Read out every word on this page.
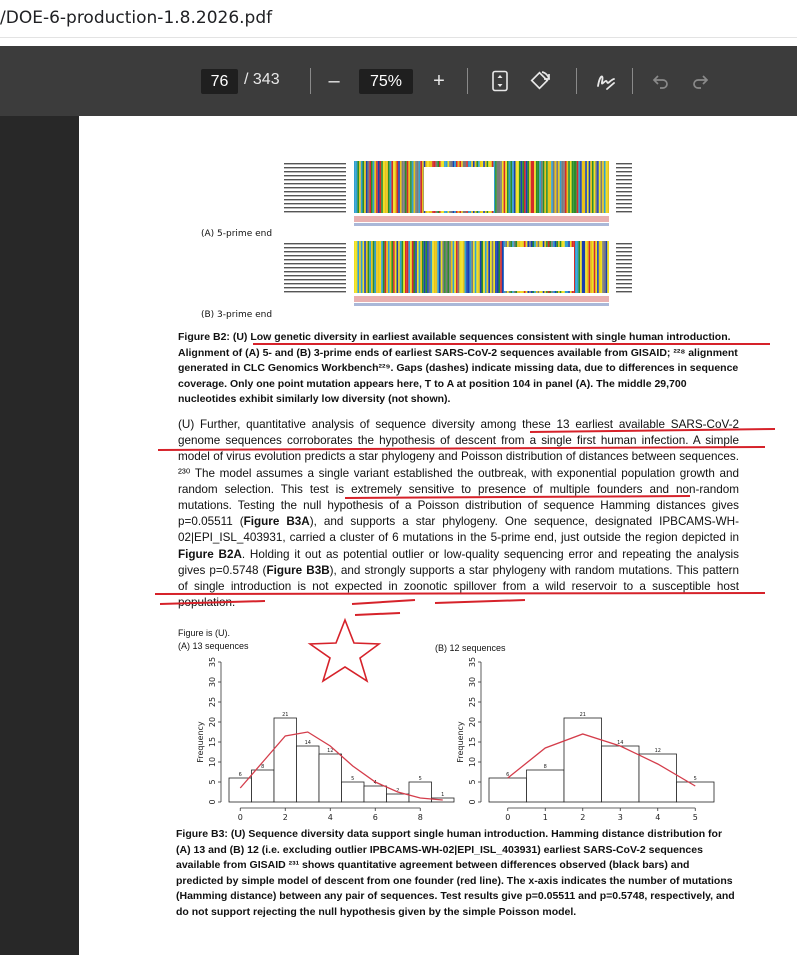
/DOE-6-production-1.8.2026.pdf
76 / 343	–	75%	+
(A) 5-prime end
(B) 3-prime end
Figure B2: (U) Low genetic diversity in earliest available sequences consistent with single human introduction. Alignment of (A) 5- and (B) 3-prime ends of earliest SARS-CoV-2 sequences available from GISAID; ²²⁸ alignment generated in CLC Genomics Workbench²²⁹. Gaps (dashes) indicate missing data, due to differences in sequence coverage. Only one point mutation appears here, T to A at position 104 in panel (A). The middle 29,700 nucleotides exhibit similarly low diversity (not shown).
(U) Further, quantitative analysis of sequence diversity among these 13 earliest available SARS-CoV-2 genome sequences corroborates the hypothesis of descent from a single first human infection. A simple model of virus evolution predicts a star phylogeny and Poisson distribution of distances between sequences. ²³⁰ The model assumes a single variant established the outbreak, with exponential population growth and random selection. This test is extremely sensitive to presence of multiple founders and non-random mutations. Testing the null hypothesis of a Poisson distribution of sequence Hamming distances gives p=0.05511 (Figure B3A), and supports a star phylogeny. One sequence, designated IPBCAMS-WH-02|EPI_ISL_403931, carried a cluster of 6 mutations in the 5-prime end, just outside the region depicted in Figure B2A. Holding it out as potential outlier or low-quality sequencing error and repeating the analysis gives p=0.5748 (Figure B3B), and strongly supports a star phylogeny with random mutations. This pattern of single introduction is not expected in zoonotic spillover from a wild reservoir to a susceptible host population.
Figure is (U).
(A) 13 sequences	(B) 12 sequences
0
5
10
15
20
25
30
35
Frequency
6
8
21
14
12
5
4
2
5
1
0	2	4	6	8
0
5
10
15
20
25
30
35
Frequency
6
8
21
14
12
5
0	1	2	3	4	5
Figure B3: (U) Sequence diversity data support single human introduction. Hamming distance distribution for (A) 13 and (B) 12 (i.e. excluding outlier IPBCAMS-WH-02|EPI_ISL_403931) earliest SARS-CoV-2 sequences available from GISAID ²³¹ shows quantitative agreement between differences observed (black bars) and predicted by simple model of descent from one founder (red line). The x-axis indicates the number of mutations (Hamming distance) between any pair of sequences. Test results give p=0.05511 and p=0.5748, respectively, and do not support rejecting the null hypothesis given by the simple Poisson model.
